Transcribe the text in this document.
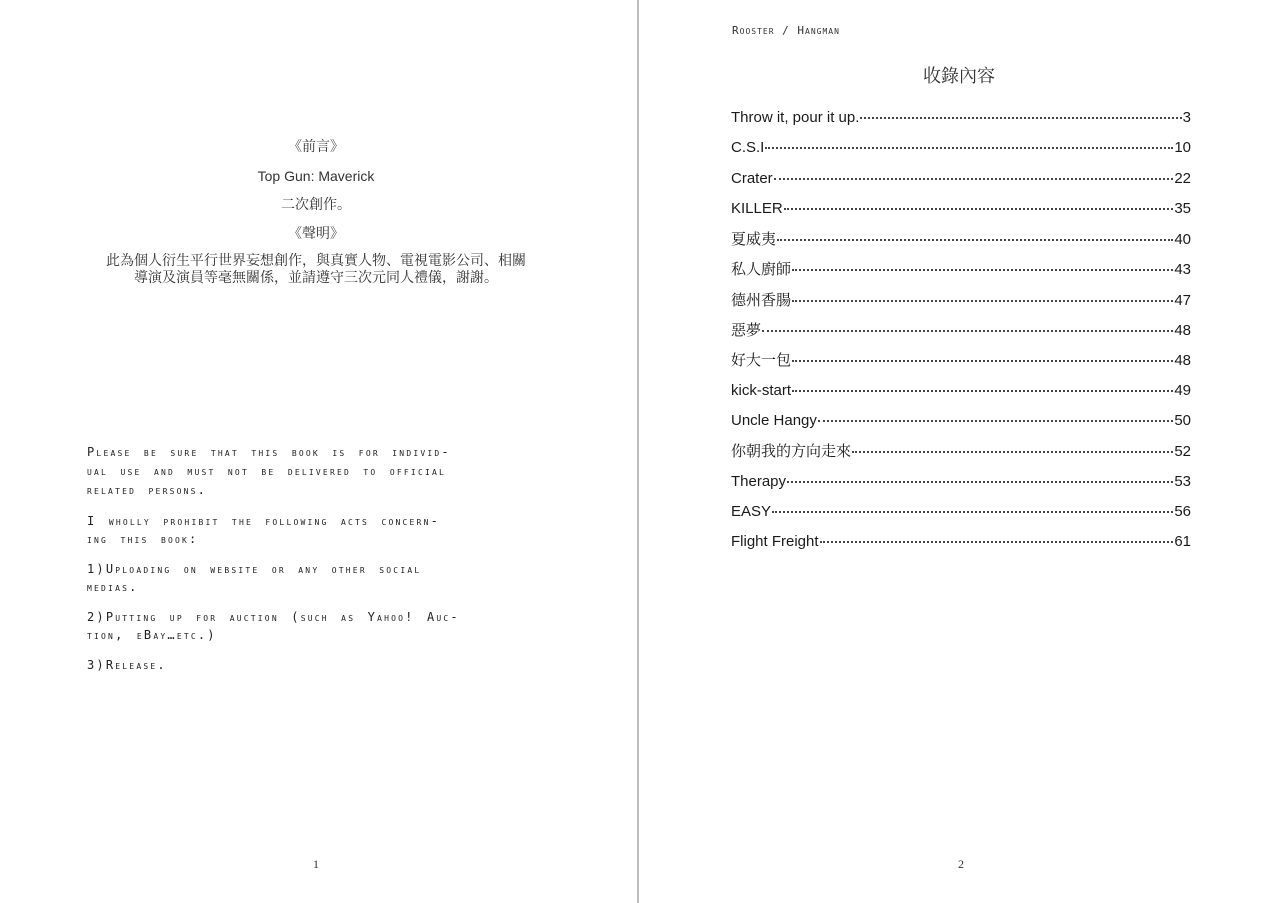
《前言》
Top Gun: Maverick
二次創作。
《聲明》
此為個人衍生平行世界妄想創作，與真實人物、電視電影公司、相關
導演及演員等毫無關係，並請遵守三次元同人禮儀，謝謝。

Please be sure that this book is for individ-
ual use and must not be delivered to official
related persons.

I wholly prohibit the following acts concern-
ing this book:

1)Uploading on website or any other social
medias.

2)Putting up for auction (such as Yahoo! Auc-
tion, eBay…etc.)

3)Release.

1
Rooster / Hangman
收錄內容
Throw it, pour it up.	3
C.S.I	10
Crater	22
KILLER	35
夏威夷	40
私人廚師	43
德州香腸	47
惡夢	48
好大一包	48
kick-start	49
Uncle Hangy	50
你朝我的方向走來	52
Therapy	53
EASY	56
Flight Freight	61
2
